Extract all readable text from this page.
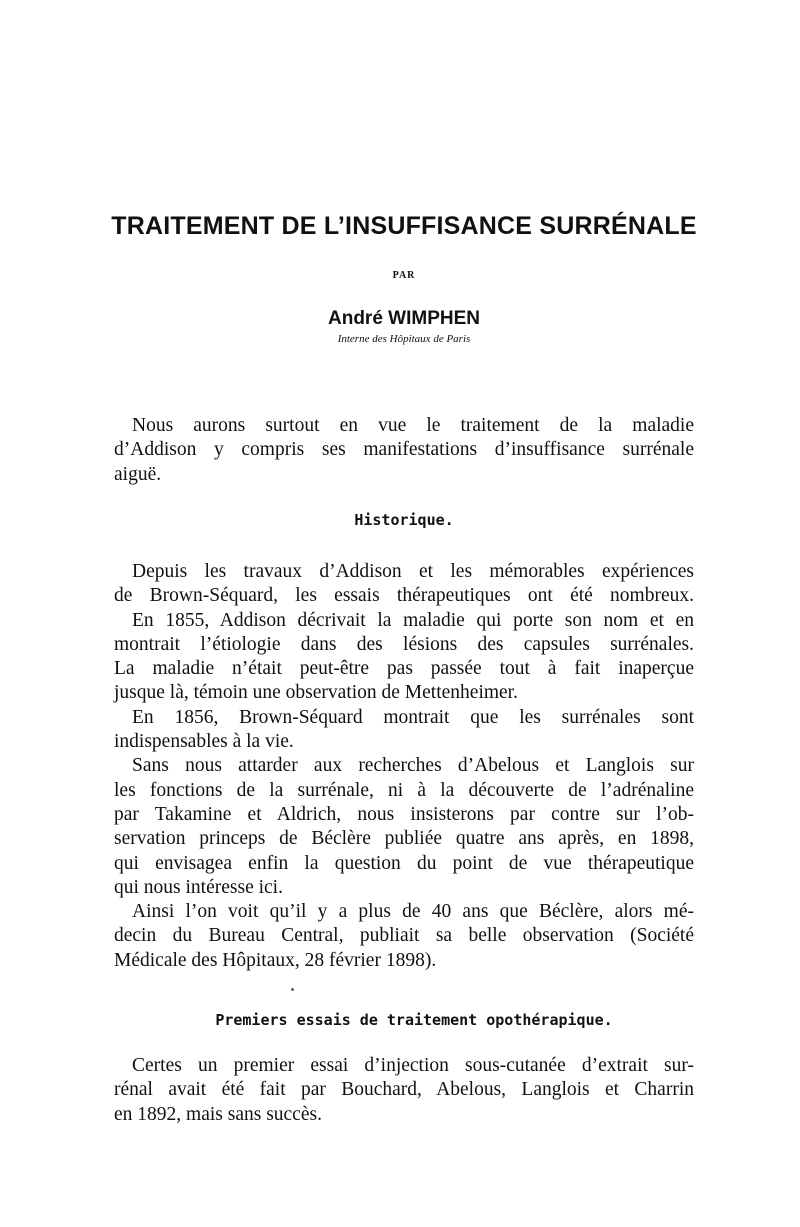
TRAITEMENT DE L’INSUFFISANCE SURRÉNALE
PAR
André WIMPHEN
Interne des Hôpitaux de Paris
Nous aurons surtout en vue le traitement de la maladie
d’Addison y compris ses manifestations d’insuffisance surrénale
aiguë.
Historique.
Depuis les travaux d’Addison et les mémorables expériences
de Brown-Séquard, les essais thérapeutiques ont été nombreux.
En 1855, Addison décrivait la maladie qui porte son nom et en
montrait l’étiologie dans des lésions des capsules surrénales.
La maladie n’était peut-être pas passée tout à fait inaperçue
jusque là, témoin une observation de Mettenheimer.
En 1856, Brown-Séquard montrait que les surrénales sont
indispensables à la vie.
Sans nous attarder aux recherches d’Abelous et Langlois sur
les fonctions de la surrénale, ni à la découverte de l’adrénaline
par Takamine et Aldrich, nous insisterons par contre sur l’ob-
servation princeps de Béclère publiée quatre ans après, en 1898,
qui envisagea enfin la question du point de vue thérapeutique
qui nous intéresse ici.
Ainsi l’on voit qu’il y a plus de 40 ans que Béclère, alors mé-
decin du Bureau Central, publiait sa belle observation (Société
Médicale des Hôpitaux, 28 février 1898).
Premiers essais de traitement opothérapique.
Certes un premier essai d’injection sous-cutanée d’extrait sur-
rénal avait été fait par Bouchard, Abelous, Langlois et Charrin
en 1892, mais sans succès.
